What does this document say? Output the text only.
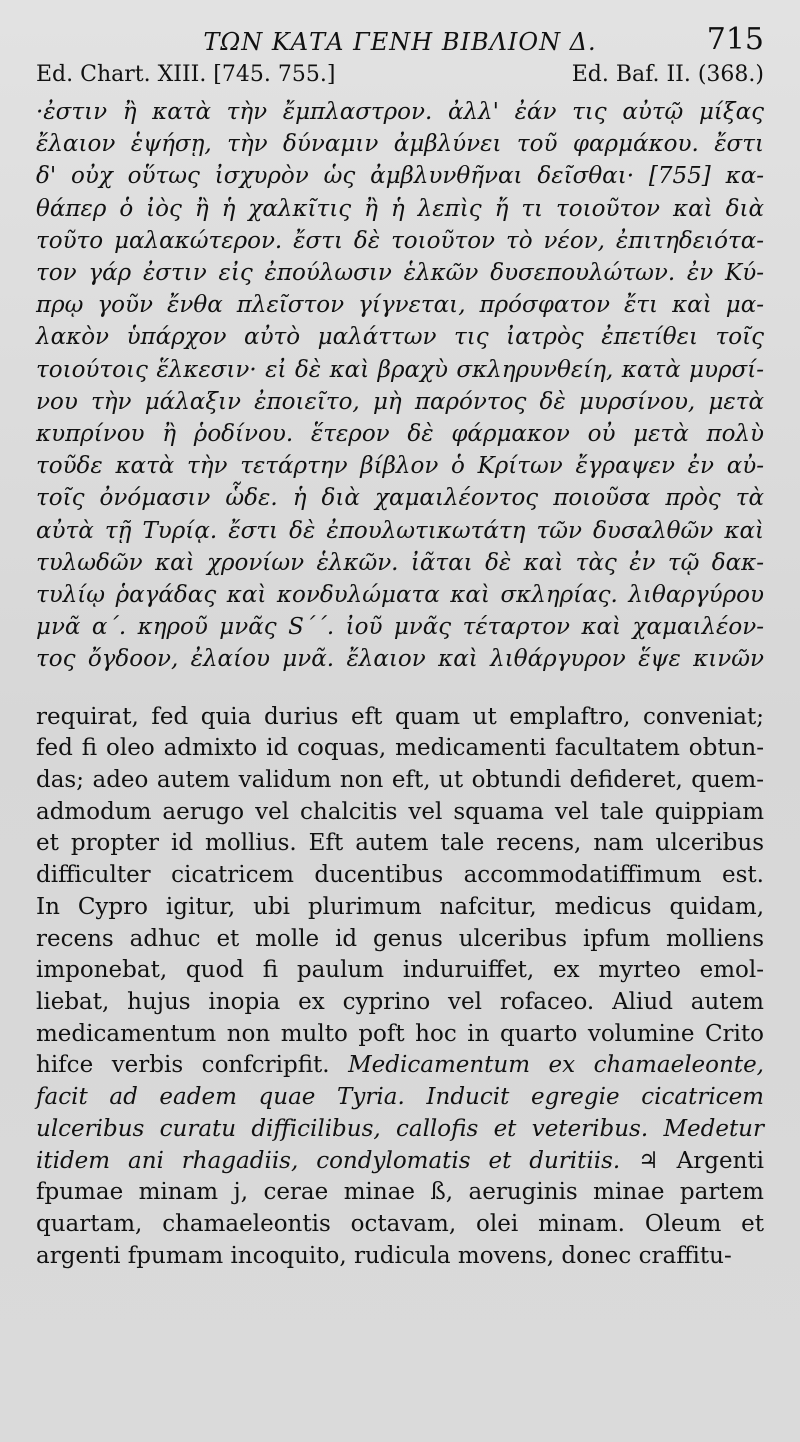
ΤΩΝ ΚΑΤΑ ΓΕΝΗ ΒΙΒΛΙΟΝ Δ.	715
Ed. Chart. XIII. [745. 755.]	Ed. Baf. II. (368.)
·ἐστιν ἢ κατὰ τὴν ἔμπλαστρον. ἀλλ' ἐάν τις αὐτῷ μίξας
ἔλαιον ἑψήσῃ, τὴν δύναμιν ἀμβλύνει τοῦ φαρμάκου. ἔστι
δ' οὐχ οὕτως ἰσχυρὸν ὡς ἀμβλυνθῆναι δεῖσθαι· [755] κα-
θάπερ ὁ ἰὸς ἢ ἡ χαλκῖτις ἢ ἡ λεπὶς ἤ τι τοιοῦτον καὶ διὰ
τοῦτο μαλακώτερον. ἔστι δὲ τοιοῦτον τὸ νέον, ἐπιτηδειότα-
τον γάρ ἐστιν εἰς ἐπούλωσιν ἑλκῶν δυσεπουλώτων. ἐν Κύ-
πρῳ γοῦν ἔνθα πλεῖστον γίγνεται, πρόσφατον ἔτι καὶ μα-
λακὸν ὑπάρχον αὐτὸ μαλάττων τις ἰατρὸς ἐπετίθει τοῖς
τοιούτοις ἕλκεσιν· εἰ δὲ καὶ βραχὺ σκληρυνθείη, κατὰ μυρσί-
νου τὴν μάλαξιν ἐποιεῖτο, μὴ παρόντος δὲ μυρσίνου, μετὰ
κυπρίνου ἢ ῥοδίνου. ἕτερον δὲ φάρμακον οὐ μετὰ πολὺ
τοῦδε κατὰ τὴν τετάρτην βίβλον ὁ Κρίτων ἔγραψεν ἐν αὐ-
τοῖς ὀνόμασιν ὧδε. ἡ διὰ χαμαιλέοντος ποιοῦσα πρὸς τὰ
αὐτὰ τῇ Τυρίᾳ. ἔστι δὲ ἐπουλωτικωτάτη τῶν δυσαλθῶν καὶ
τυλωδῶν καὶ χρονίων ἑλκῶν. ἰᾶται δὲ καὶ τὰς ἐν τῷ δακ-
τυλίῳ ῥαγάδας καὶ κονδυλώματα καὶ σκληρίας. λιθαργύρου
μνᾶ α΄. κηροῦ μνᾶς S΄΄. ἰοῦ μνᾶς τέταρτον καὶ χαμαιλέον-
τος ὄγδοον, ἐλαίου μνᾶ. ἔλαιον καὶ λιθάργυρον ἕψε κινῶν
requirat, fed quia durius eft quam ut emplaftro, conveniat;
fed fi oleo admixto id coquas, medicamenti facultatem obtun-
das; adeo autem validum non eft, ut obtundi defideret, quem-
admodum aerugo vel chalcitis vel squama vel tale quippiam
et propter id mollius. Eft autem tale recens, nam ulceribus
difficulter cicatricem ducentibus accommodatiffimum est.
In Cypro igitur, ubi plurimum nafcitur, medicus quidam,
recens adhuc et molle id genus ulceribus ipfum molliens
imponebat, quod fi paulum induruiffet, ex myrteo emol-
liebat, hujus inopia ex cyprino vel rofaceo. Aliud autem
medicamentum non multo poft hoc in quarto volumine Crito
hifce verbis confcripfit. Medicamentum ex chamaeleonte,
facit ad eadem quae Tyria. Inducit egregie cicatricem
ulceribus curatu difficilibus, callofis et veteribus. Medetur
itidem ani rhagadiis, condylomatis et duritiis. ♃ Argenti
fpumae minam j, cerae minae ß, aeruginis minae partem
quartam, chamaeleontis octavam, olei minam. Oleum et
argenti fpumam incoquito, rudicula movens, donec craffitu-
